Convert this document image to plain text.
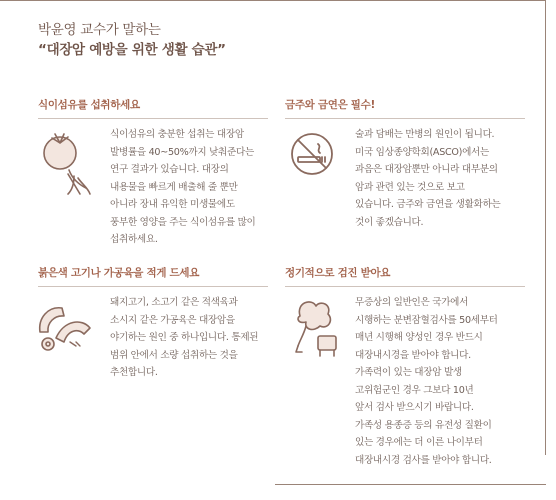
박윤영 교수가 말하는
“대장암 예방을 위한 생활 습관”
식이섬유를 섭취하세요
식이섬유의 충분한 섭취는 대장암
발병률을 40~50%까지 낮춰준다는
연구 결과가 있습니다. 대장의
내용물을 빠르게 배출해 줄 뿐만
아니라 장내 유익한 미생물에도
풍부한 영양을 주는 식이섬유를 많이
섭취하세요.
금주와 금연은 필수!
술과 담배는 만병의 원인이 됩니다.
미국 임상종양학회(ASCO)에서는
과음은 대장암뿐만 아니라 대부분의
암과 관련 있는 것으로 보고
있습니다. 금주와 금연을 생활화하는
것이 좋겠습니다.
붉은색 고기나 가공육을 적게 드세요
돼지고기, 소고기 같은 적색육과
소시지 같은 가공육은 대장암을
야기하는 원인 중 하나입니다. 통제된
범위 안에서 소량 섭취하는 것을
추천합니다.
정기적으로 검진 받아요
무증상의 일반인은 국가에서
시행하는 분변잠혈검사를 50세부터
매년 시행해 양성인 경우 반드시
대장내시경을 받아야 합니다.
가족력이 있는 대장암 발생
고위험군인 경우 그보다 10년
앞서 검사 받으시기 바랍니다.
가족성 용종증 등의 유전성 질환이
있는 경우에는 더 이른 나이부터
대장내시경 검사를 받아야 합니다.
